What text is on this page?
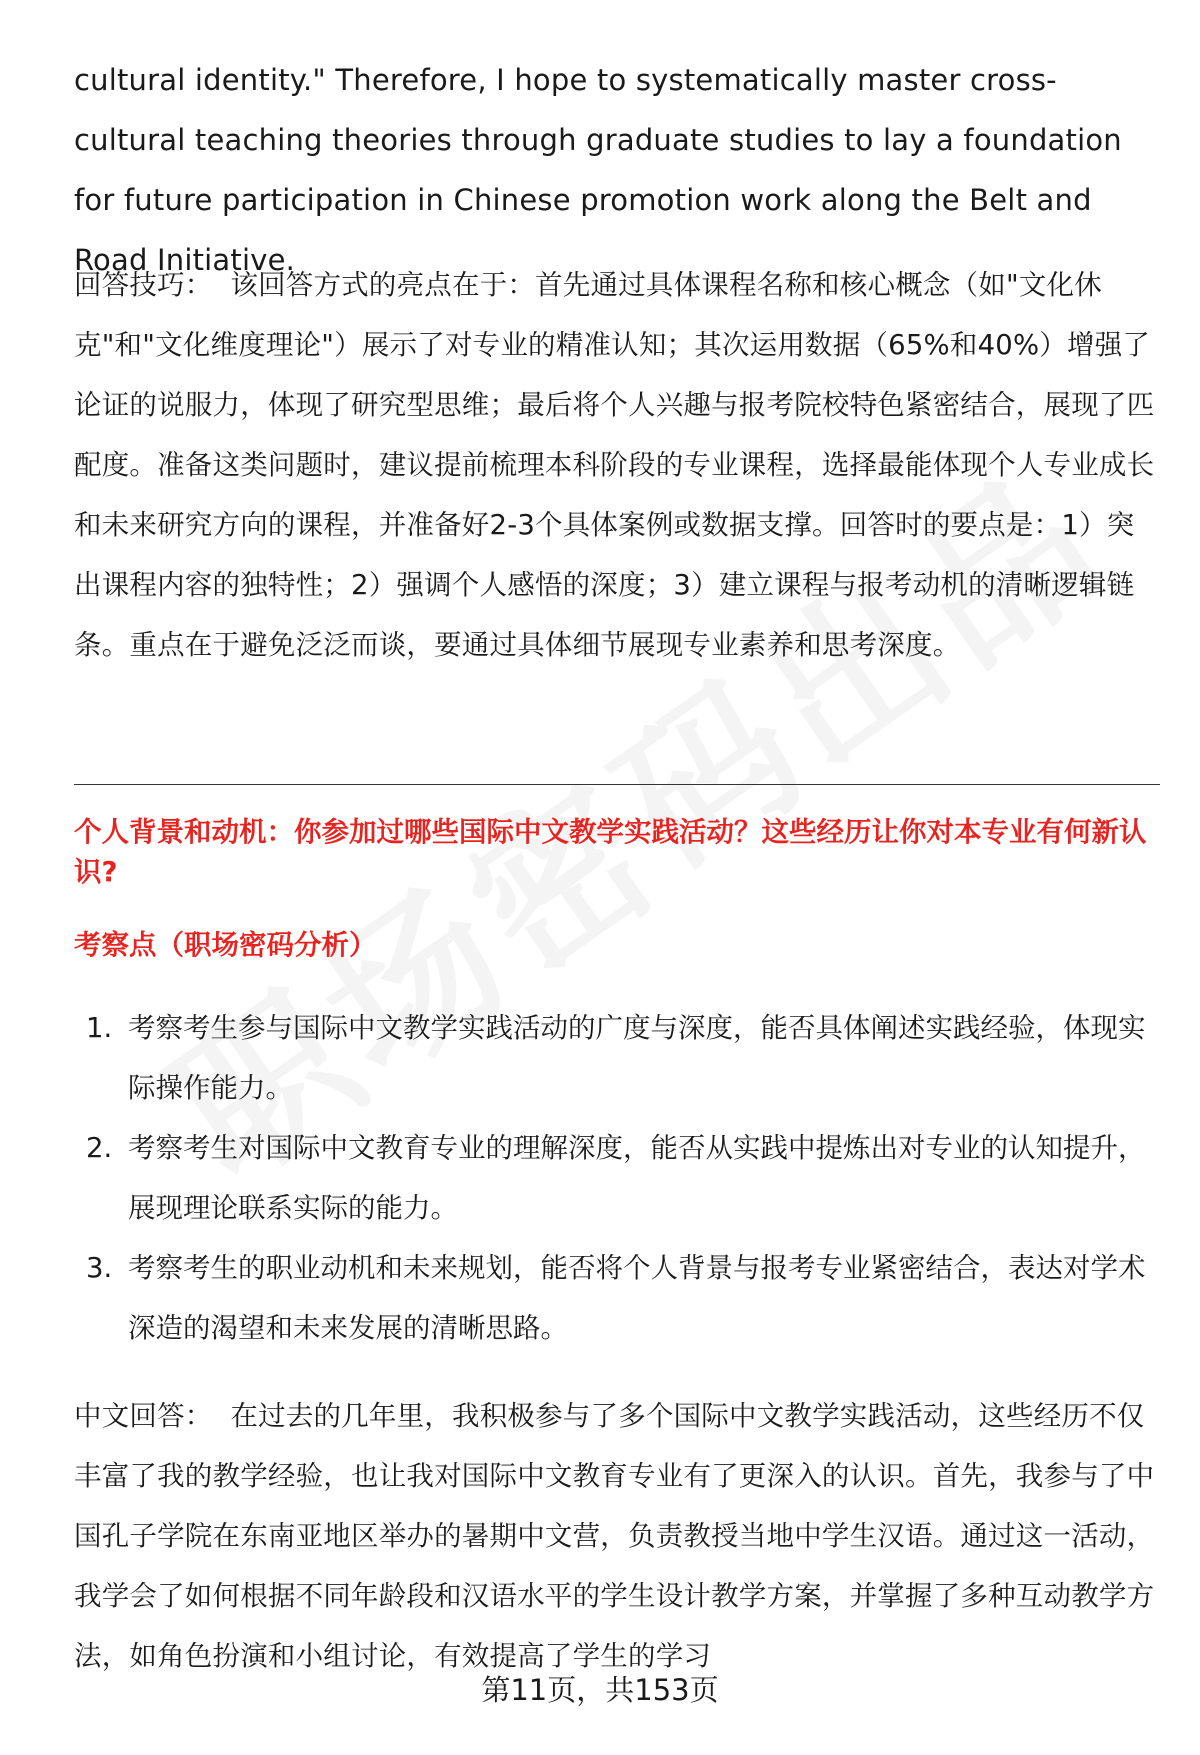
cultural identity." Therefore, I hope to systematically master cross-cultural teaching theories through graduate studies to lay a foundation for future participation in Chinese promotion work along the Belt and Road Initiative.

回答技巧： 该回答方式的亮点在于：首先通过具体课程名称和核心概念（如"文化休克"和"文化维度理论"）展示了对专业的精准认知；其次运用数据（65%和40%）增强了论证的说服力，体现了研究型思维；最后将个人兴趣与报考院校特色紧密结合，展现了匹配度。准备这类问题时，建议提前梳理本科阶段的专业课程，选择最能体现个人专业成长和未来研究方向的课程，并准备好2-3个具体案例或数据支撑。回答时的要点是：1）突出课程内容的独特性；2）强调个人感悟的深度；3）建立课程与报考动机的清晰逻辑链条。重点在于避免泛泛而谈，要通过具体细节展现专业素养和思考深度。

个人背景和动机：你参加过哪些国际中文教学实践活动？这些经历让你对本专业有何新认识?

考察点（职场密码分析）

1. 考察考生参与国际中文教学实践活动的广度与深度，能否具体阐述实践经验，体现实际操作能力。
2. 考察考生对国际中文教育专业的理解深度，能否从实践中提炼出对专业的认知提升，展现理论联系实际的能力。
3. 考察考生的职业动机和未来规划，能否将个人背景与报考专业紧密结合，表达对学术深造的渴望和未来发展的清晰思路。

中文回答： 在过去的几年里，我积极参与了多个国际中文教学实践活动，这些经历不仅丰富了我的教学经验，也让我对国际中文教育专业有了更深入的认识。首先，我参与了中国孔子学院在东南亚地区举办的暑期中文营，负责教授当地中学生汉语。通过这一活动，我学会了如何根据不同年龄段和汉语水平的学生设计教学方案，并掌握了多种互动教学方法，如角色扮演和小组讨论，有效提高了学生的学习

第11页，共153页
